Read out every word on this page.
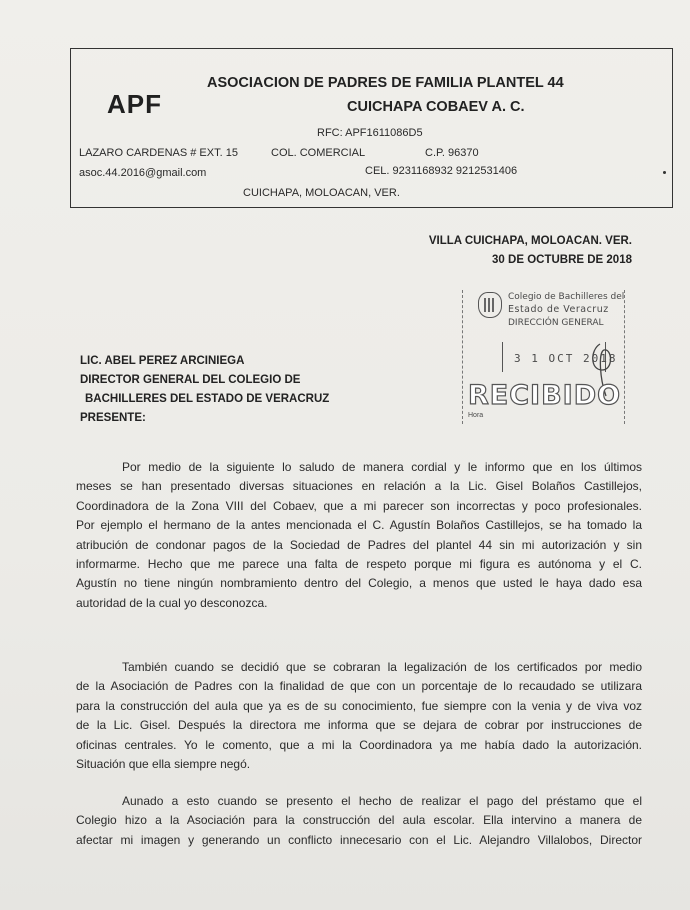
APF
ASOCIACION DE PADRES DE FAMILIA PLANTEL 44
CUICHAPA COBAEV A. C.
RFC: APF1611086D5
LAZARO CARDENAS # EXT. 15	COL. COMERCIAL	C.P. 96370
asoc.44.2016@gmail.com	CEL. 9231168932 9212531406
CUICHAPA, MOLOACAN, VER.
VILLA CUICHAPA, MOLOACAN. VER.
30 DE OCTUBRE DE 2018
Colegio de Bachilleres del
Estado de Veracruz
DIRECCIÓN GENERAL
3 1 OCT 2018
RECIBIDO
Hora
LIC. ABEL PEREZ ARCINIEGA
DIRECTOR GENERAL DEL COLEGIO DE
BACHILLERES DEL ESTADO DE VERACRUZ
PRESENTE:
Por medio de la siguiente lo saludo de manera cordial y le informo que en los últimos
meses se han presentado diversas situaciones en relación a la Lic. Gisel Bolaños Castillejos,
Coordinadora de la Zona VIII del Cobaev, que a mi parecer son incorrectas y poco profesionales.
Por ejemplo el hermano de la antes mencionada el C. Agustín Bolaños Castillejos, se ha tomado la
atribución de condonar pagos de la Sociedad de Padres del plantel 44 sin mi autorización y sin
informarme. Hecho que me parece una falta de respeto porque mi figura es autónoma y el C.
Agustín no tiene ningún nombramiento dentro del Colegio, a menos que usted le haya dado esa
autoridad de la cual yo desconozca.
También cuando se decidió que se cobraran la legalización de los certificados por medio
de la Asociación de Padres con la finalidad de que con un porcentaje de lo recaudado se utilizara
para la construcción del aula que ya es de su conocimiento, fue siempre con la venia y de viva voz
de la Lic. Gisel. Después la directora me informa que se dejara de cobrar por instrucciones de
oficinas centrales. Yo le comento, que a mi la Coordinadora ya me había dado la autorización.
Situación que ella siempre negó.
Aunado a esto cuando se presento el hecho de realizar el pago del préstamo que el
Colegio hizo a la Asociación para la construcción del aula escolar. Ella intervino a manera de
afectar mi imagen y generando un conflicto innecesario con el Lic. Alejandro Villalobos, Director
